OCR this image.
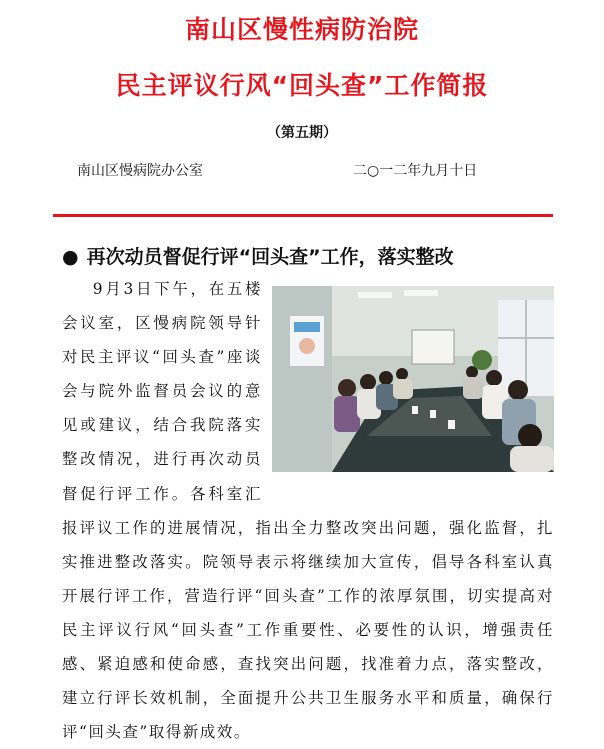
南山区慢性病防治院
民主评议行风“回头查”工作简报
（第五期）
南山区慢病院办公室	二○一二年九月十日
● 再次动员督促行评“回头查”工作，落实整改
9月3日下午，在五楼会议室，区慢病院领导针对民主评议“回头查”座谈会与院外监督员会议的意见或建议，结合我院落实整改情况，进行再次动员督促行评工作。各科室汇报评议工作的进展情况，指出全力整改突出问题，强化监督，扎实推进整改落实。院领导表示将继续加大宣传，倡导各科室认真开展行评工作，营造行评“回头查”工作的浓厚氛围，切实提高对民主评议行风“回头查”工作重要性、必要性的认识，增强责任感、紧迫感和使命感，查找突出问题，找准着力点，落实整改，建立行评长效机制，全面提升公共卫生服务水平和质量，确保行评“回头查”取得新成效。
